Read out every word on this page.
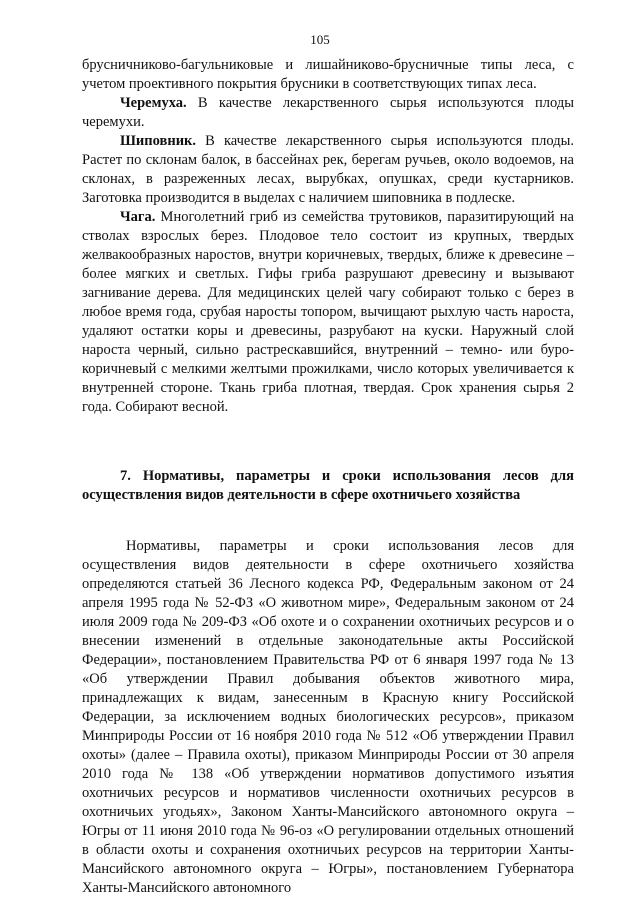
105

брусничниково-багульниковые и лишайниково-брусничные типы леса, с учетом проективного покрытия брусники в соответствующих типах леса.

Черемуха. В качестве лекарственного сырья используются плоды черемухи.

Шиповник. В качестве лекарственного сырья используются плоды. Растет по склонам балок, в бассейнах рек, берегам ручьев, около водоемов, на склонах, в разреженных лесах, вырубках, опушках, среди кустарников. Заготовка производится в выделах с наличием шиповника в подлеске.

Чага. Многолетний гриб из семейства трутовиков, паразитирующий на стволах взрослых берез. Плодовое тело состоит из крупных, твердых желвакообразных наростов, внутри коричневых, твердых, ближе к древесине – более мягких и светлых. Гифы гриба разрушают древесину и вызывают загнивание дерева. Для медицинских целей чагу собирают только с берез в любое время года, срубая наросты топором, вычищают рыхлую часть нароста, удаляют остатки коры и древесины, разрубают на куски. Наружный слой нароста черный, сильно растрескавшийся, внутренний – темно- или буро-коричневый с мелкими желтыми прожилками, число которых увеличивается к внутренней стороне. Ткань гриба плотная, твердая. Срок хранения сырья 2 года. Собирают весной.

7. Нормативы, параметры и сроки использования лесов для осуществления видов деятельности в сфере охотничьего хозяйства

Нормативы, параметры и сроки использования лесов для осуществления видов деятельности в сфере охотничьего хозяйства определяются статьей 36 Лесного кодекса РФ, Федеральным законом от 24 апреля 1995 года № 52-ФЗ «О животном мире», Федеральным законом от 24 июля 2009 года № 209-ФЗ «Об охоте и о сохранении охотничьих ресурсов и о внесении изменений в отдельные законодательные акты Российской Федерации», постановлением Правительства РФ от 6 января 1997 года № 13 «Об утверждении Правил добывания объектов животного мира, принадлежащих к видам, занесенным в Красную книгу Российской Федерации, за исключением водных биологических ресурсов», приказом Минприроды России от 16 ноября 2010 года № 512 «Об утверждении Правил охоты» (далее – Правила охоты), приказом Минприроды России от 30 апреля 2010 года № 138 «Об утверждении нормативов допустимого изъятия охотничьих ресурсов и нормативов численности охотничьих ресурсов в охотничьих угодьях», Законом Ханты-Мансийского автономного округа – Югры от 11 июня 2010 года № 96-оз «О регулировании отдельных отношений в области охоты и сохранения охотничьих ресурсов на территории Ханты-Мансийского автономного округа – Югры», постановлением Губернатора Ханты-Мансийского автономного
